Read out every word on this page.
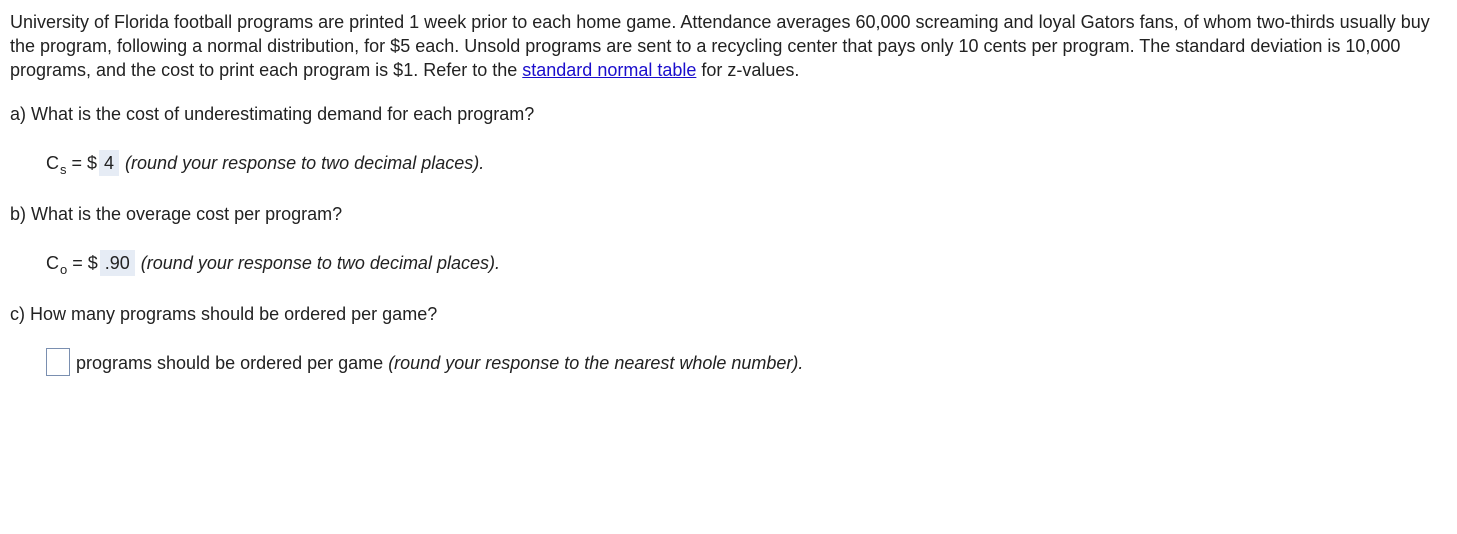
University of Florida football programs are printed 1 week prior to each home game. Attendance averages 60,000 screaming and loyal Gators fans, of whom two-thirds usually buy the program, following a normal distribution, for $5 each. Unsold programs are sent to a recycling center that pays only 10 cents per program. The standard deviation is 10,000 programs, and the cost to print each program is $1. Refer to the standard normal table for z-values.
a) What is the cost of underestimating demand for each program?
$C_s$ = $ 4 (round your response to two decimal places).
b) What is the overage cost per program?
$C_o$ = $ .90 (round your response to two decimal places).
c) How many programs should be ordered per game?
programs should be ordered per game (round your response to the nearest whole number).
